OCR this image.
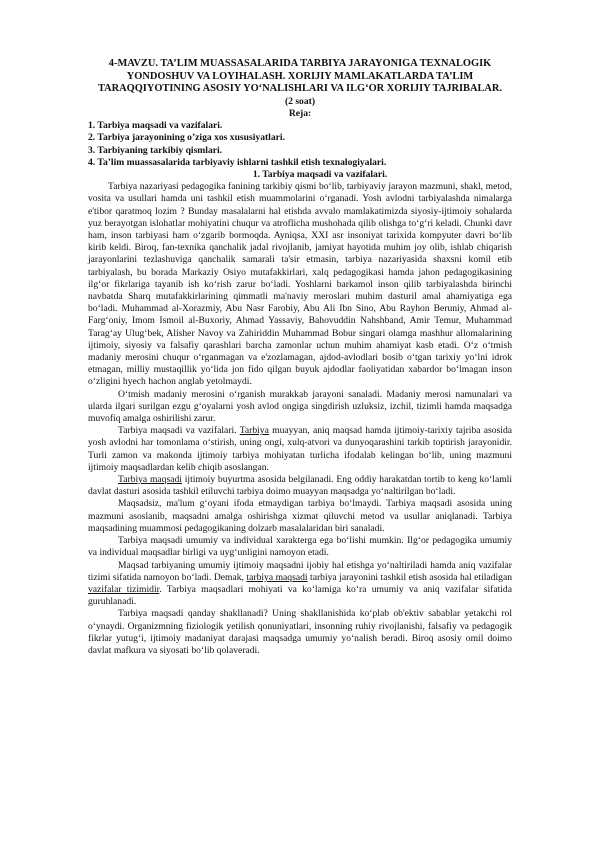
4-MAVZU. TA’LIM MUASSASALARIDA TARBIYA JARAYONIGA TEXNALOGIK YONDOSHUV VA LOYIHALASH. XORIJIY MAMLAKATLARDA TA’LIM TARAQQIYOTINING ASOSIY YO‘NALISHLARI VA ILG‘OR XORIJIY TAJRIBALAR.
(2 soat)
Reja:
1. Tarbiya maqsadi va vazifalari.
2. Tarbiya jarayonining o’ziga xos xususiyatlari.
3. Tarbiyaning tarkibiy qismlari.
4. Ta’lim muassasalarida tarbiyaviy ishlarni tashkil etish texnalogiyalari.
1. Tarbiya maqsadi va vazifalari.

Tarbiya nazariyasi pedagogika fanining tarkibiy qismi bo‘lib, tarbiyaviy jarayon mazmuni, shakl, metod, vosita va usullari hamda uni tashkil etish muammolarini o‘rganadi. Yosh avlodni tarbiyalashda nimalarga e'tibor qaratmoq lozim ? Bunday masalalarni hal etishda avvalo mamlakatimizda siyosiy-ijtimoiy sohalarda yuz berayotgan islohatlar mohiyatini chuqur va atroflicha mushohada qilib olishga to‘g‘ri keladi. Chunki davr ham, inson tarbiyasi ham o‘zgarib bormoqda. Ayniqsa, XXI asr insoniyat tarixida kompyuter davri bo‘lib kirib keldi. Biroq, fan-texnika qanchalik jadal rivojlanib, jamiyat hayotida muhim joy olib, ishlab chiqarish jarayonlarini tezlashuviga qanchalik samarali ta'sir etmasin, tarbiya nazariyasida shaxsni komil etib tarbiyalash, bu borada Markaziy Osiyo mutafakkirlari, xalq pedagogikasi hamda jahon pedagogikasining ilg‘or fikrlariga tayanib ish ko‘rish zarur bo‘ladi. Yoshlarni barkamol inson qilib tarbiyalashda birinchi navbatda Sharq mutafakkirlarining qimmatli ma'naviy meroslari muhim dasturil amal ahamiyatiga ega bo‘ladi. Muhammad al-Xorazmiy, Abu Nasr Farobiy, Abu Ali Ibn Sino, Abu Rayhon Beruniy, Ahmad al-Farg‘oniy, Imom Ismoil al-Buxoriy, Ahmad Yassaviy, Bahovuddin Nahshband, Amir Temur, Muhammad Tarag‘ay Ulug‘bek, Alisher Navoy va Zahiriddin Muhammad Bobur singari olamga mashhur allomalarining ijtimoiy, siyosiy va falsafiy qarashlari barcha zamonlar uchun muhim ahamiyat kasb etadi. O‘z o‘tmish madaniy merosini chuqur o‘rganmagan va e'zozlamagan, ajdod-avlodlari bosib o‘tgan tarixiy yo‘lni idrok etmagan, milliy mustaqillik yo‘lida jon fido qilgan buyuk ajdodlar faoliyatidan xabardor bo‘lmagan inson o‘zligini hyech hachon anglab yetolmaydi.

O‘tmish madaniy merosini o‘rganish murakkab jarayoni sanaladi. Madaniy merosi namunalari va ularda ilgari surilgan ezgu g‘oyalarni yosh avlod ongiga singdirish uzluksiz, izchil, tizimli hamda maqsadga muvofiq amalga oshirilishi zarur.

Tarbiya maqsadi va vazifalari. Tarbiya muayyan, aniq maqsad hamda ijtimoiy-tarixiy tajriba asosida yosh avlodni har tomonlama o‘stirish, uning ongi, xulq-atvori va dunyoqarashini tarkib toptirish jarayonidir. Turli zamon va makonda ijtimoiy tarbiya mohiyatan turlicha ifodalab kelingan bo‘lib, uning mazmuni ijtimoiy maqsadlardan kelib chiqib asoslangan.

Tarbiya maqsadi ijtimoiy buyurtma asosida belgilanadi. Eng oddiy harakatdan tortib to keng ko‘lamli davlat dasturi asosida tashkil etiluvchi tarbiya doimo muayyan maqsadga yo‘naltirilgan bo‘ladi.

Maqsadsiz, ma'lum g‘oyani ifoda etmaydigan tarbiya bo‘lmaydi. Tarbiya maqsadi asosida uning mazmuni asoslanib, maqsadni amalga oshirishga xizmat qiluvchi metod va usullar aniqlanadi. Tarbiya maqsadining muammosi pedagogikaning dolzarb masalalaridan biri sanaladi.

Tarbiya maqsadi umumiy va individual xarakterga ega bo‘lishi mumkin. Ilg‘or pedagogika umumiy va individual maqsadlar birligi va uyg‘unligini namoyon etadi.

Maqsad tarbiyaning umumiy ijtimoiy maqsadni ijobiy hal etishga yo‘naltiriladi hamda aniq vazifalar tizimi sifatida namoyon bo‘ladi. Demak, tarbiya maqsadi tarbiya jarayonini tashkil etish asosida hal etiladigan vazifalar tizimidir. Tarbiya maqsadlari mohiyati va ko‘lamiga ko‘ra umumiy va aniq vazifalar sifatida guruhlanadi.

Tarbiya maqsadi qanday shakllanadi? Uning shakllanishida ko‘plab ob'ektiv sabablar yetakchi rol o‘ynaydi. Organizmning fiziologik yetilish qonuniyatlari, insonning ruhiy rivojlanishi, falsafiy va pedagogik fikrlar yutug‘i, ijtimoiy madaniyat darajasi maqsadga umumiy yo‘nalish beradi. Biroq asosiy omil doimo davlat mafkura va siyosati bo‘lib qolaveradi.
